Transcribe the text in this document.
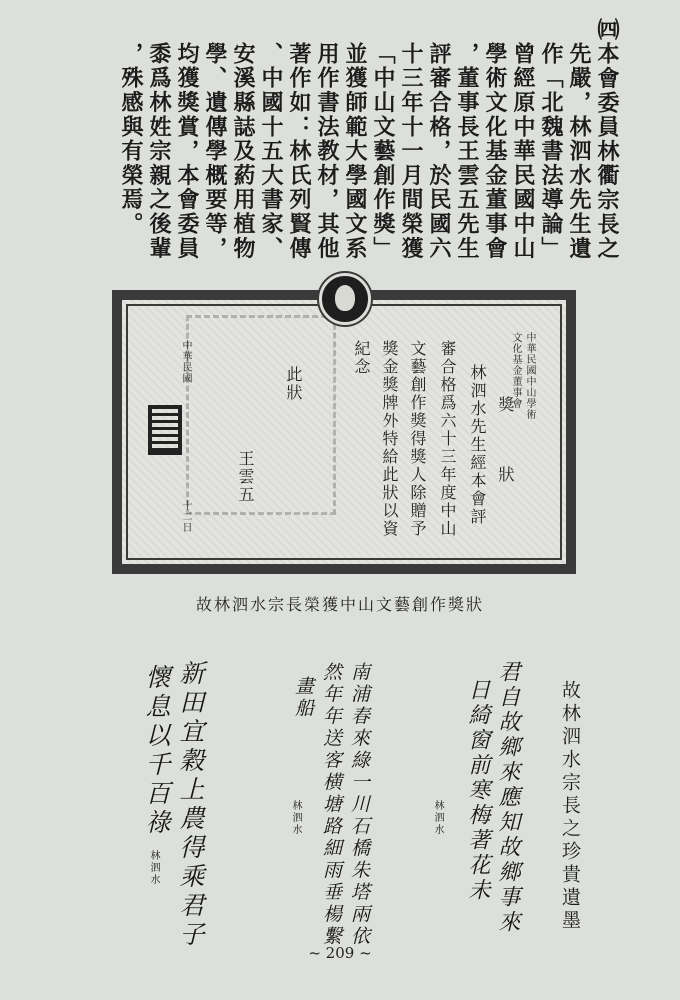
㈣本會委員林衢宗長之
先嚴，林泗水先生遺
作「北魏書法導論」
曾經原中華民國中山
學術文化基金董事會
，董事長王雲五先生
評審合格，於民國六
十三年十一月間榮獲
「中山文藝創作獎」
並獲師範大學國文系
用作書法教材，其他
著作如：林氏列賢傳
、中國十五大書家、
安溪縣誌及葯用植物
學、遺傳學概要等，
均獲獎賞，本會委員
黍爲林姓宗親之後輩
，殊感與有榮焉。
中華民國中山學術
文化基金董事會
獎
狀
林泗水先生經本會評
審合格爲六十三年度中山
文藝創作獎得獎人除贈予
獎金獎牌外特給此狀以資
紀念
此狀
中華民國
王雲五
十二日
故林泗水宗長榮獲中山文藝創作獎狀
故林泗水宗長之珍貴遺墨
君自故鄉來應知故鄉事來
日綺窗前寒梅著花未
林泗水
南浦春來綠一川石橋朱塔兩依
然年年送客横塘路細雨垂楊繫
畫船
林泗水
新田宜穀上農得乘君子
懷息以千百祿
林泗水
~ 209 ~
